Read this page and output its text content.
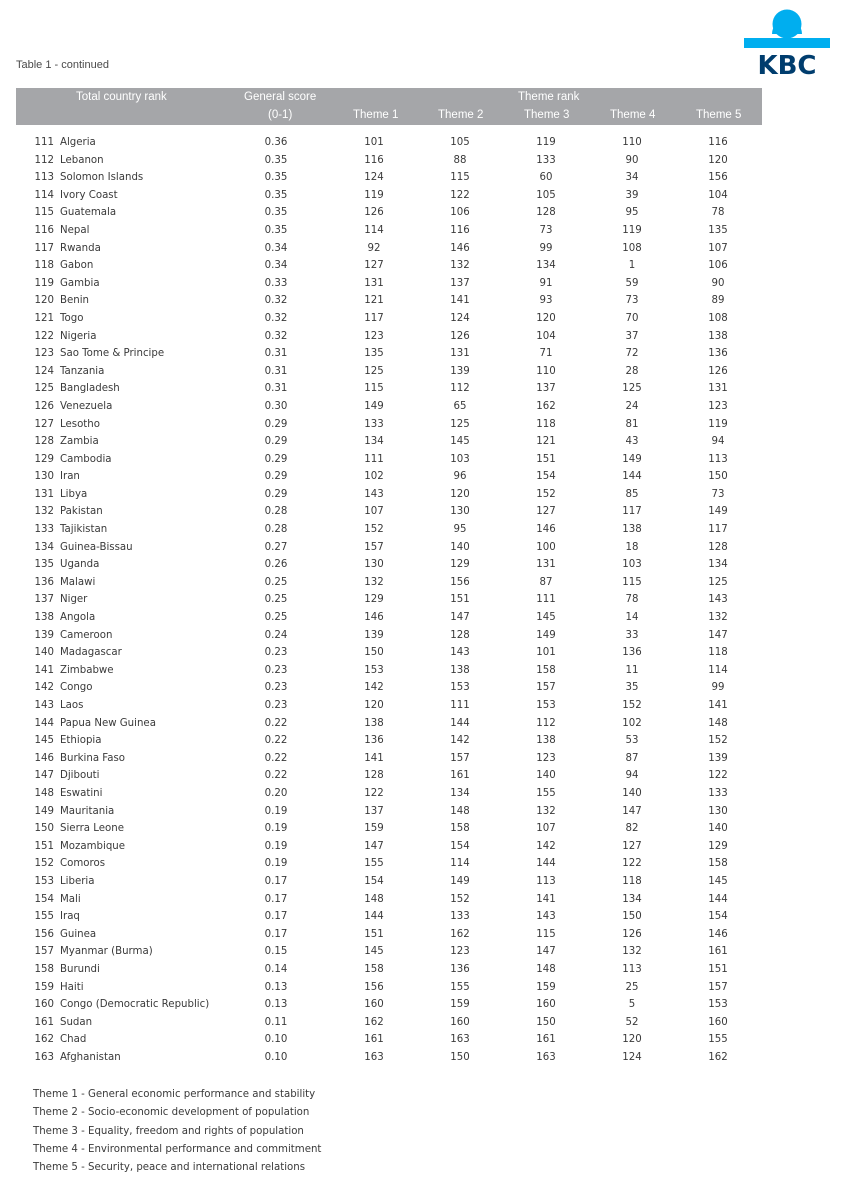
KBC
Table 1 - continued
Total country rank	General score
(0-1)
Theme rank
Theme 1	Theme 2	Theme 3	Theme 4	Theme 5
111 Algeria	0.36	101	105	119	110	116
112 Lebanon	0.35	116	88	133	90	120
113 Solomon Islands	0.35	124	115	60	34	156
114 Ivory Coast	0.35	119	122	105	39	104
115 Guatemala	0.35	126	106	128	95	78
116 Nepal	0.35	114	116	73	119	135
117 Rwanda	0.34	92	146	99	108	107
118 Gabon	0.34	127	132	134	1	106
119 Gambia	0.33	131	137	91	59	90
120 Benin	0.32	121	141	93	73	89
121 Togo	0.32	117	124	120	70	108
122 Nigeria	0.32	123	126	104	37	138
123 Sao Tome & Principe	0.31	135	131	71	72	136
124 Tanzania	0.31	125	139	110	28	126
125 Bangladesh	0.31	115	112	137	125	131
126 Venezuela	0.30	149	65	162	24	123
127 Lesotho	0.29	133	125	118	81	119
128 Zambia	0.29	134	145	121	43	94
129 Cambodia	0.29	111	103	151	149	113
130 Iran	0.29	102	96	154	144	150
131 Libya	0.29	143	120	152	85	73
132 Pakistan	0.28	107	130	127	117	149
133 Tajikistan	0.28	152	95	146	138	117
134 Guinea-Bissau	0.27	157	140	100	18	128
135 Uganda	0.26	130	129	131	103	134
136 Malawi	0.25	132	156	87	115	125
137 Niger	0.25	129	151	111	78	143
138 Angola	0.25	146	147	145	14	132
139 Cameroon	0.24	139	128	149	33	147
140 Madagascar	0.23	150	143	101	136	118
141 Zimbabwe	0.23	153	138	158	11	114
142 Congo	0.23	142	153	157	35	99
143 Laos	0.23	120	111	153	152	141
144 Papua New Guinea	0.22	138	144	112	102	148
145 Ethiopia	0.22	136	142	138	53	152
146 Burkina Faso	0.22	141	157	123	87	139
147 Djibouti	0.22	128	161	140	94	122
148 Eswatini	0.20	122	134	155	140	133
149 Mauritania	0.19	137	148	132	147	130
150 Sierra Leone	0.19	159	158	107	82	140
151 Mozambique	0.19	147	154	142	127	129
152 Comoros	0.19	155	114	144	122	158
153 Liberia	0.17	154	149	113	118	145
154 Mali	0.17	148	152	141	134	144
155 Iraq	0.17	144	133	143	150	154
156 Guinea	0.17	151	162	115	126	146
157 Myanmar (Burma)	0.15	145	123	147	132	161
158 Burundi	0.14	158	136	148	113	151
159 Haiti	0.13	156	155	159	25	157
160 Congo (Democratic Republic)	0.13	160	159	160	5	153
161 Sudan	0.11	162	160	150	52	160
162 Chad	0.10	161	163	161	120	155
163 Afghanistan	0.10	163	150	163	124	162
Theme 1 - General economic performance and stability
Theme 2 - Socio-economic development of population
Theme 3 - Equality, freedom and rights of population
Theme 4 - Environmental performance and commitment
Theme 5 - Security, peace and international relations
